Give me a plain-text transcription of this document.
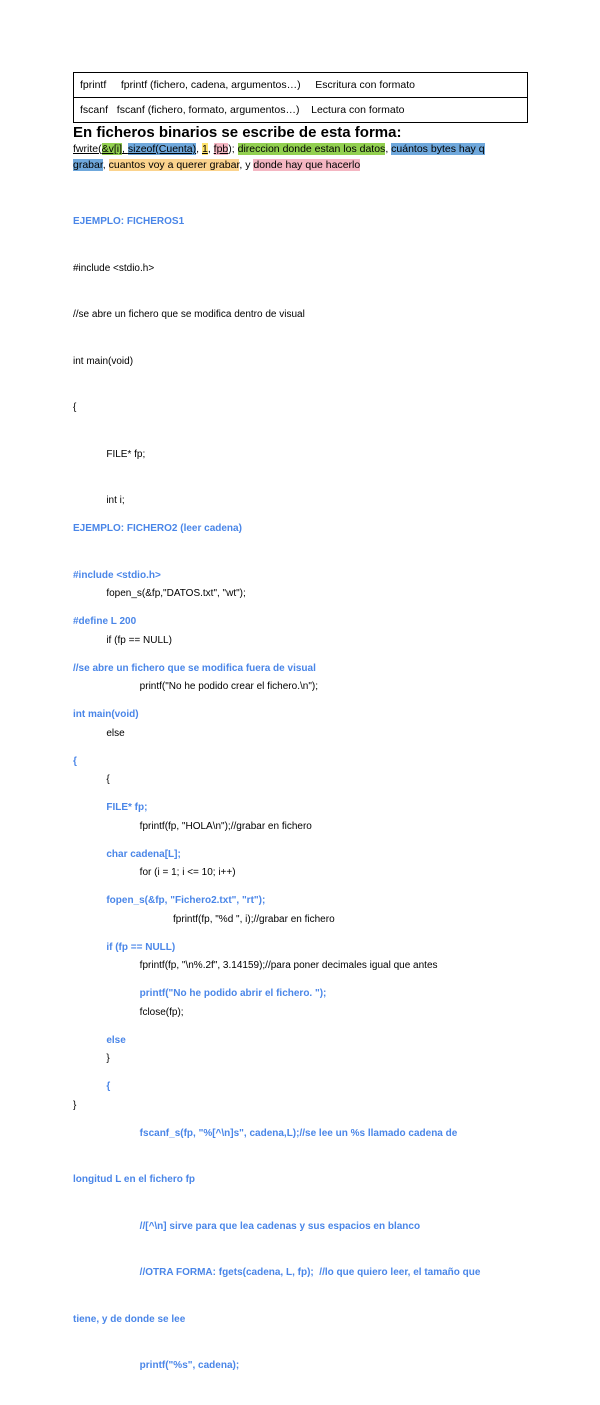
fprintf fprintf (fichero, cadena, argumentos…) Escritura con formato
fscanf fscanf (fichero, formato, argumentos…) Lectura con formato
En ficheros binarios se escribe de esta forma:
fwrite(&v[i], sizeof(Cuenta), 1, fpb); direccion donde estan los datos, cuántos bytes hay q grabar, cuantos voy a querer grabar, y donde hay que hacerlo

EJEMPLO: FICHEROS1

#include <stdio.h>

//se abre un fichero que se modifica dentro de visual

int main(void)

{

FILE* fp;

int i;

fopen_s(&fp,"DATOS.txt", "wt");

if (fp == NULL)

printf("No he podido crear el fichero.\n");

else

{

fprintf(fp, "HOLA\n");//grabar en fichero

for (i = 1; i <= 10; i++)

fprintf(fp, "%d ", i);//grabar en fichero

fprintf(fp, "\n%.2f", 3.14159);//para poner decimales igual que antes

fclose(fp);

}

}

EJEMPLO: FICHERO2 (leer cadena)

#include <stdio.h>

#define L 200

//se abre un fichero que se modifica fuera de visual

int main(void)

{

FILE* fp;

char cadena[L];

fopen_s(&fp, "Fichero2.txt", "rt");

if (fp == NULL)

printf("No he podido abrir el fichero. ");

else

{

fscanf_s(fp, "%[^\n]s", cadena,L);//se lee un %s llamado cadena de

longitud L en el fichero fp

//[^\n] sirve para que lea cadenas y sus espacios en blanco

//OTRA FORMA: fgets(cadena, L, fp);  //lo que quiero leer, el tamaño que

tiene, y de donde se lee

printf("%s", cadena);
